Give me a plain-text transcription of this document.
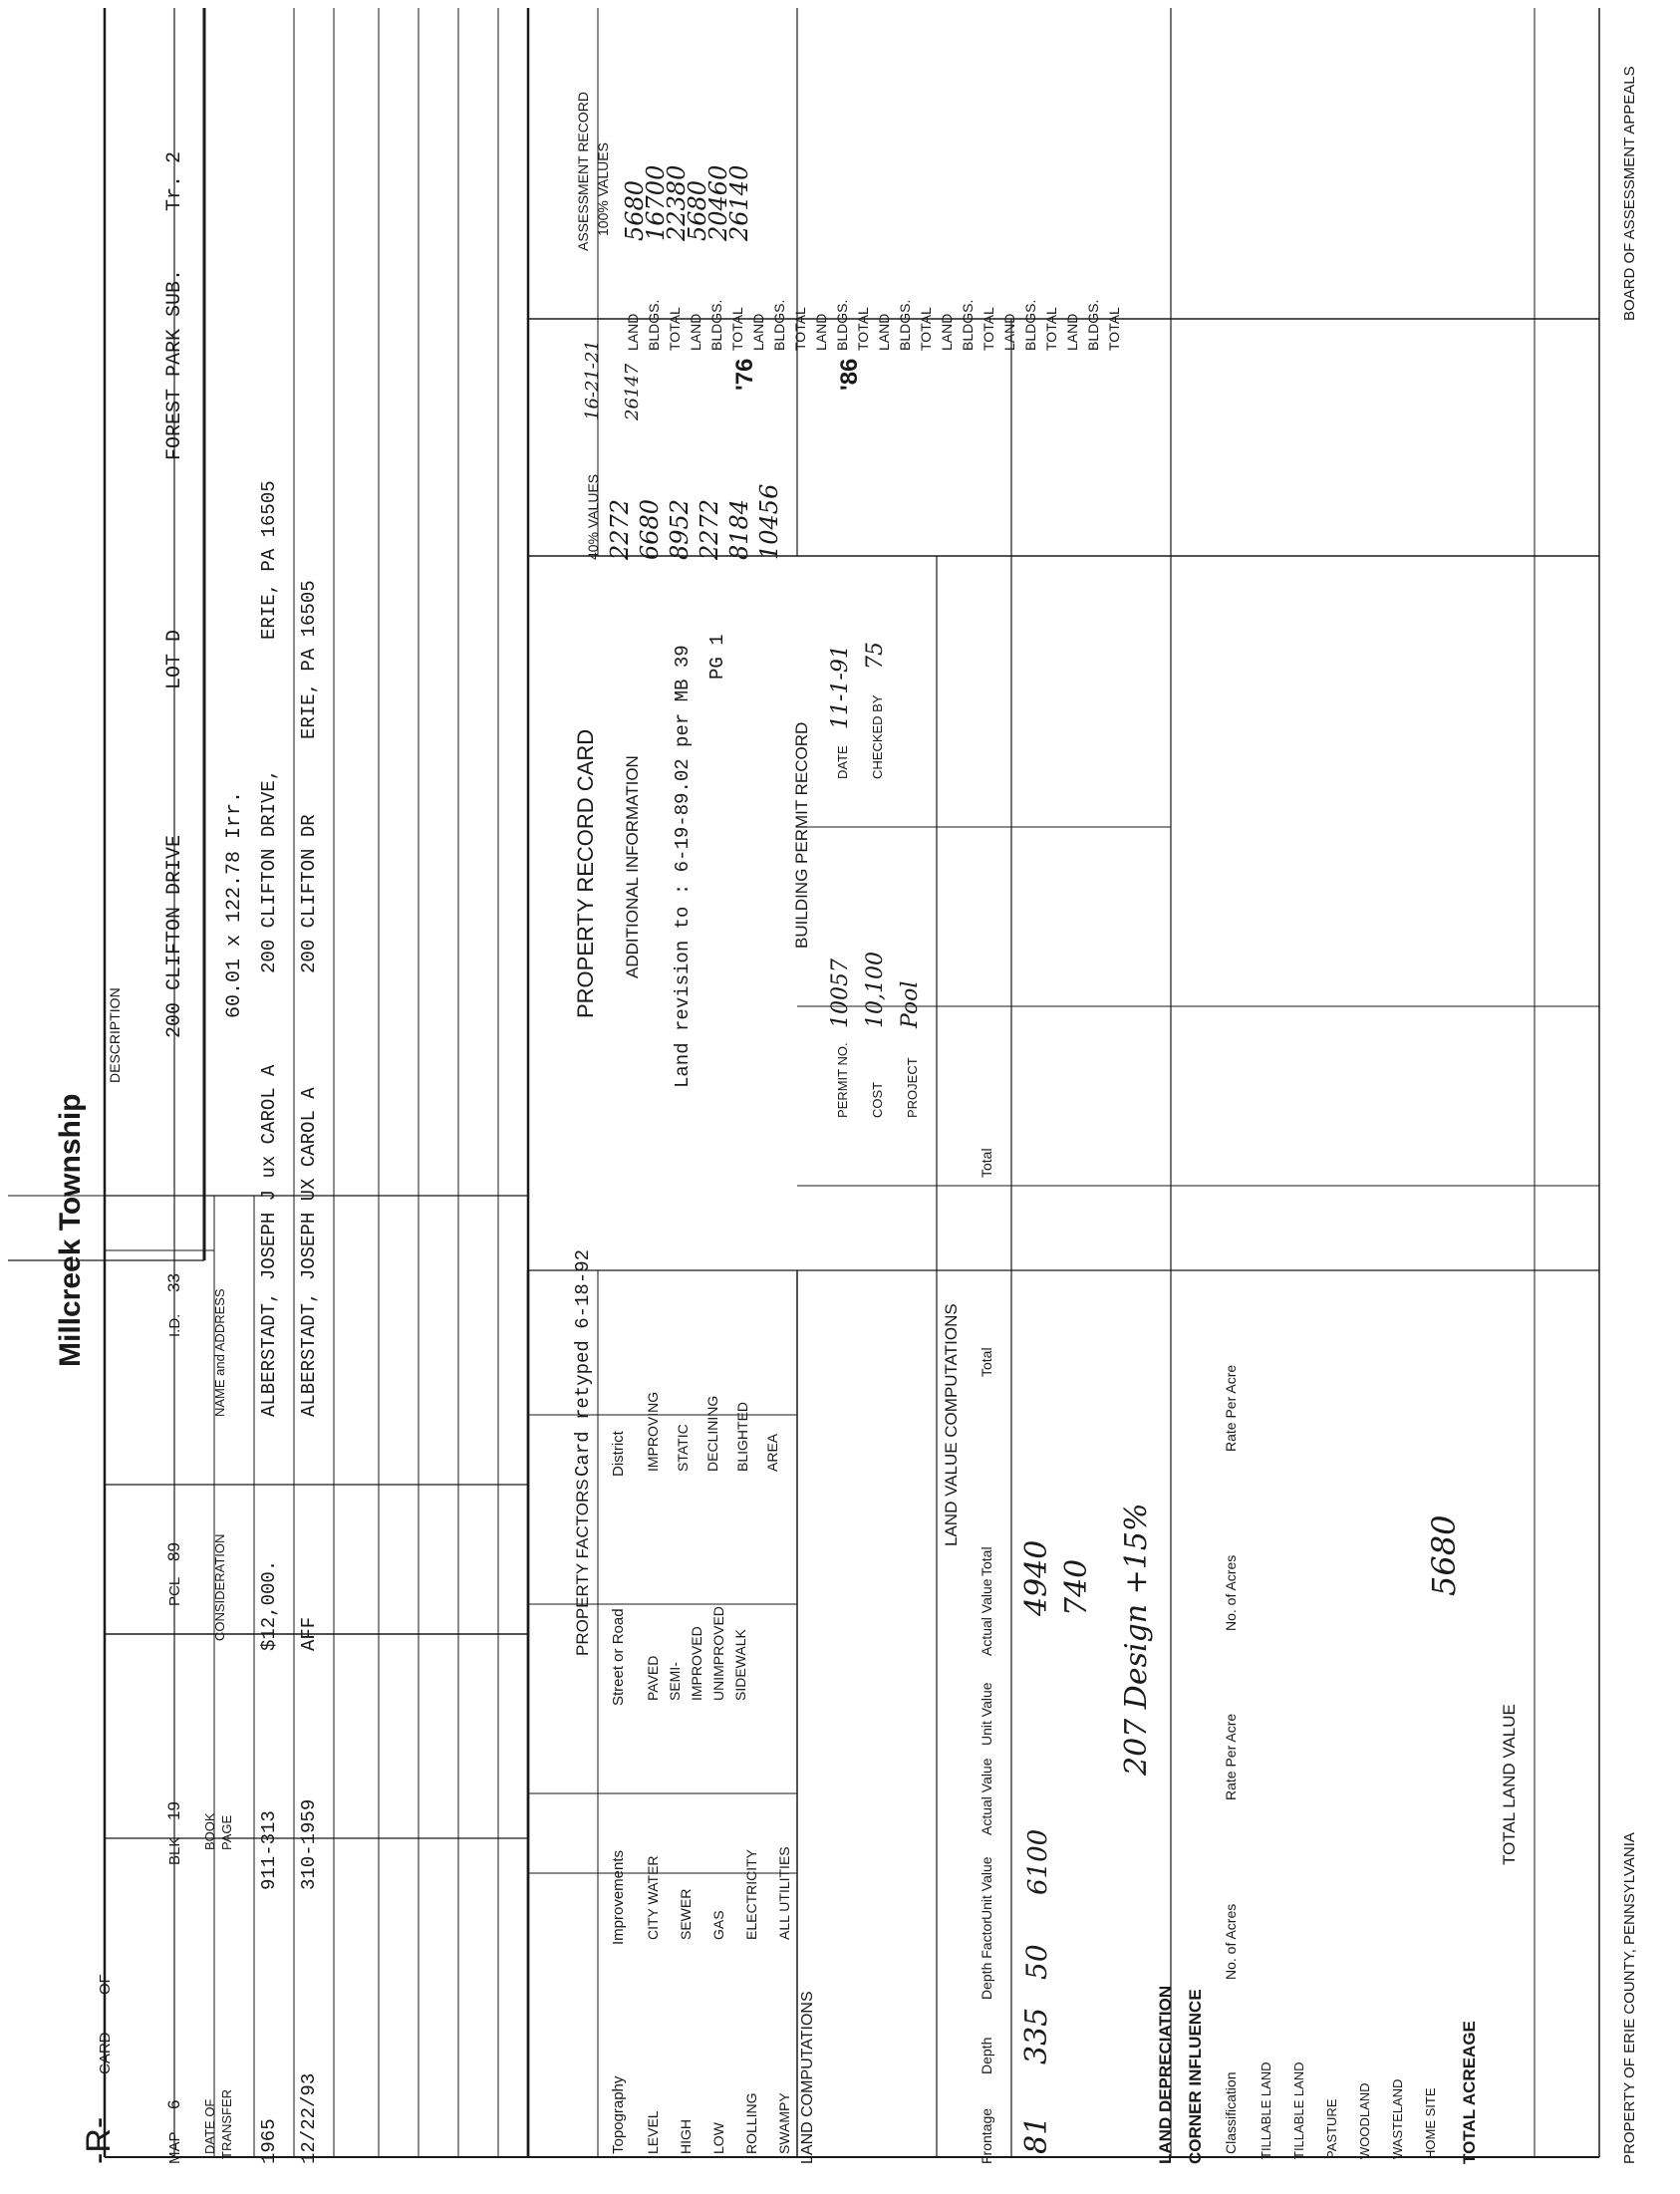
-R-
CARD
OF
Millcreek Township
DESCRIPTION 200 CLIFTON DRIVE
LOT D
FOREST PARK SUB.
Tr. 2
60.01 x 122.78 Irr.
MAP
6
BLK
19
PCL
89
I.D.
33
DATE OF TRANSFER
BOOK PAGE
CONSIDERATION
NAME and ADDRESS
1965
911-313
$12,000.
ALBERSTADT, JOSEPH J ux CAROL A
200 CLIFTON DRIVE,
ERIE, PA 16505
12/22/93
310-1959
AFF
ALBERSTADT, JOSEPH UX CAROL A
200 CLIFTON DR
ERIE, PA 16505
PROPERTY FACTORS
Card retyped 6-18-92
Topography
Improvements
Street or Road
District
LEVEL HIGH LOW ROLLING SWAMPY
CITY WATER SEWER GAS ELECTRICITY ALL UTILITIES
PAVED SEMI- IMPROVED UNIMPROVED SIDEWALK
IMPROVING STATIC DECLINING BLIGHTED AREA
LAND COMPUTATIONS
PROPERTY RECORD CARD ADDITIONAL INFORMATION Land revision to : 6-19-89.02 per MB 39 PG 1
BUILDING PERMIT RECORD
PERMIT NO.
10057
DATE
11-1-91
COST
10,100
CHECKED BY
75
PROJECT
Pool
40% VALUES 2272 6680 8952 2272 8184 10456
16-21-21 26147
ASSESSMENT RECORD 100% VALUES
LAND BLDGS. TOTAL LAND BLDGS. TOTAL LAND BLDGS. TOTAL LAND BLDGS. TOTAL LAND BLDGS. TOTAL LAND BLDGS. TOTAL LAND BLDGS. TOTAL LAND BLDGS. TOTAL
5680
16700
22380
5680
20460
26140
'76	'86
LAND VALUE COMPUTATIONS
Frontage
Depth
Depth Factor
Unit Value
Actual Value
Unit Value
Actual Value
Total
Total
Total
81
335
50
6100
4940 740 207 Design +15%
LAND DEPRECIATION CORNER INFLUENCE Classification
No. of Acres
Rate Per Acre
No. of Acres
Rate Per Acre
TILLABLE LAND TILLABLE LAND PASTURE WOODLAND WASTELAND HOME SITE TOTAL ACREAGE
TOTAL LAND VALUE
5680
PROPERTY OF ERIE COUNTY, PENNSYLVANIA
BOARD OF ASSESSMENT APPEALS
